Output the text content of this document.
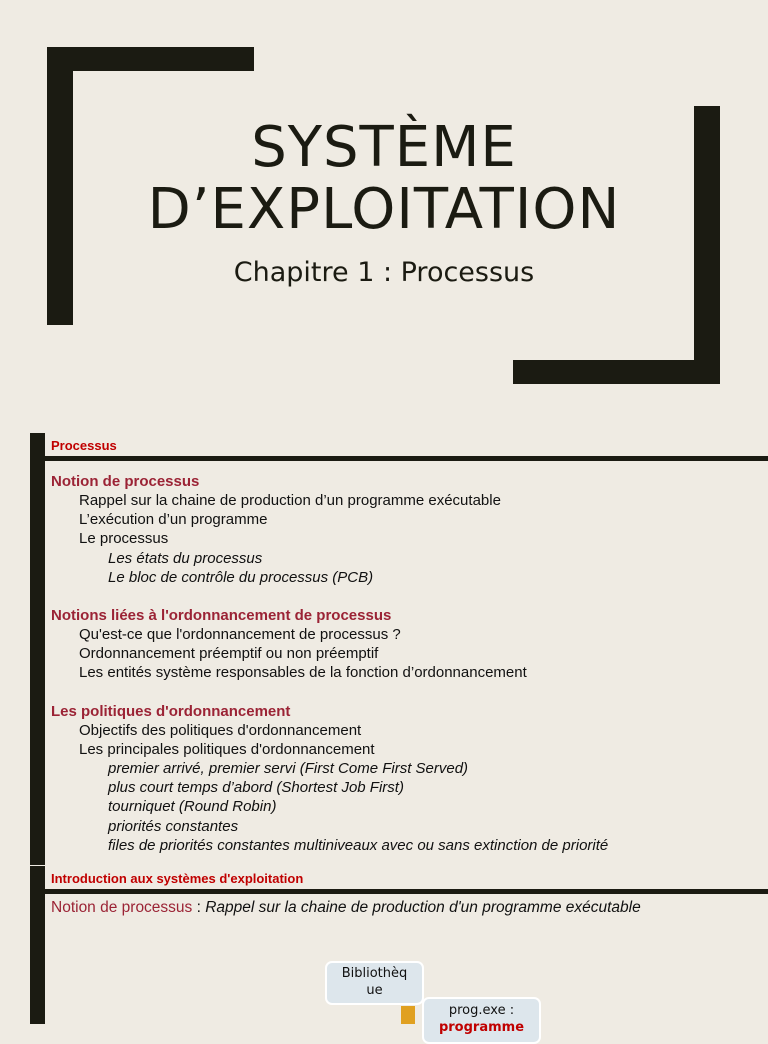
SYSTÈME
D’EXPLOITATION
Chapitre 1 : Processus
Processus
Notion de processus
Rappel sur la chaine de production d’un programme exécutable
L’exécution d’un programme
Le processus
Les états du processus
Le bloc de contrôle du processus (PCB)
Notions liées à l'ordonnancement de processus
Qu'est-ce que l'ordonnancement de processus ?
Ordonnancement préemptif ou non préemptif
Les entités système responsables de la fonction d’ordonnancement
Les politiques d'ordonnancement
Objectifs des politiques d'ordonnancement
Les principales politiques d'ordonnancement
premier arrivé, premier servi (First Come First Served)
plus court temps d’abord (Shortest Job First)
tourniquet (Round Robin)
priorités constantes
files de priorités constantes multiniveaux avec ou sans extinction de priorité
Introduction aux systèmes d'exploitation
Notion de processus : Rappel sur la chaine de production d'un programme exécutable
Bibliothèq
ue
prog.exe :
programme
